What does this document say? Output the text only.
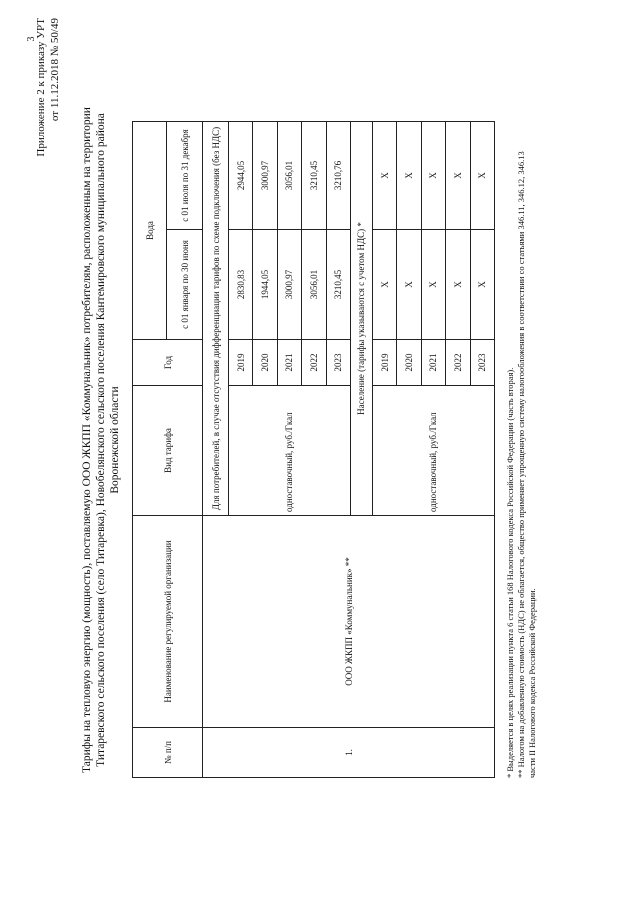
3
Приложение 2 к приказу УРТ от 11.12.2018 № 50/49
Тарифы на тепловую энергию (мощность), поставляемую ООО ЖКПП «Коммунальник» потребителям, расположенным на территории Титаревского сельского поселения (село Титаревка), Новобелянского сельского поселения Кантемировского муниципального района Воронежской области
№ п/п	Наименование регулируемой организации	Вид тарифа	Год	Вода	
				с 01 января по 30 июня	с 01 июля по 31 декабря
1.	ООО ЖКПП «Коммунальник» **	Для потребителей, в случае отсутствия дифференциации тарифов по схеме подключения (без НДС)			
		одноставочный, руб./Гкал	2019	2830,83	2944,05
			2020	1944,05	3000,97
			2021	3000,97	3056,01
			2022	3056,01	3210,45
			2023	3210,45	3210,76
		Население (тарифы указываются с учетом НДС) *			
		одноставочный, руб./Гкал	2019	X	X
			2020	X	X
			2021	X	X
			2022	X	X
			2023	X	X

* Выделяется в целях реализации пункта 6 статьи 168 Налогового кодекса Российской Федерации (часть вторая). ** Налогом на добавленную стоимость (НДС) не облагается, общество применяет упрощенную систему налогообложения в соответствии со статьями 346.11, 346.12, 346.13 части II Налогового кодекса Российской Федерации.
